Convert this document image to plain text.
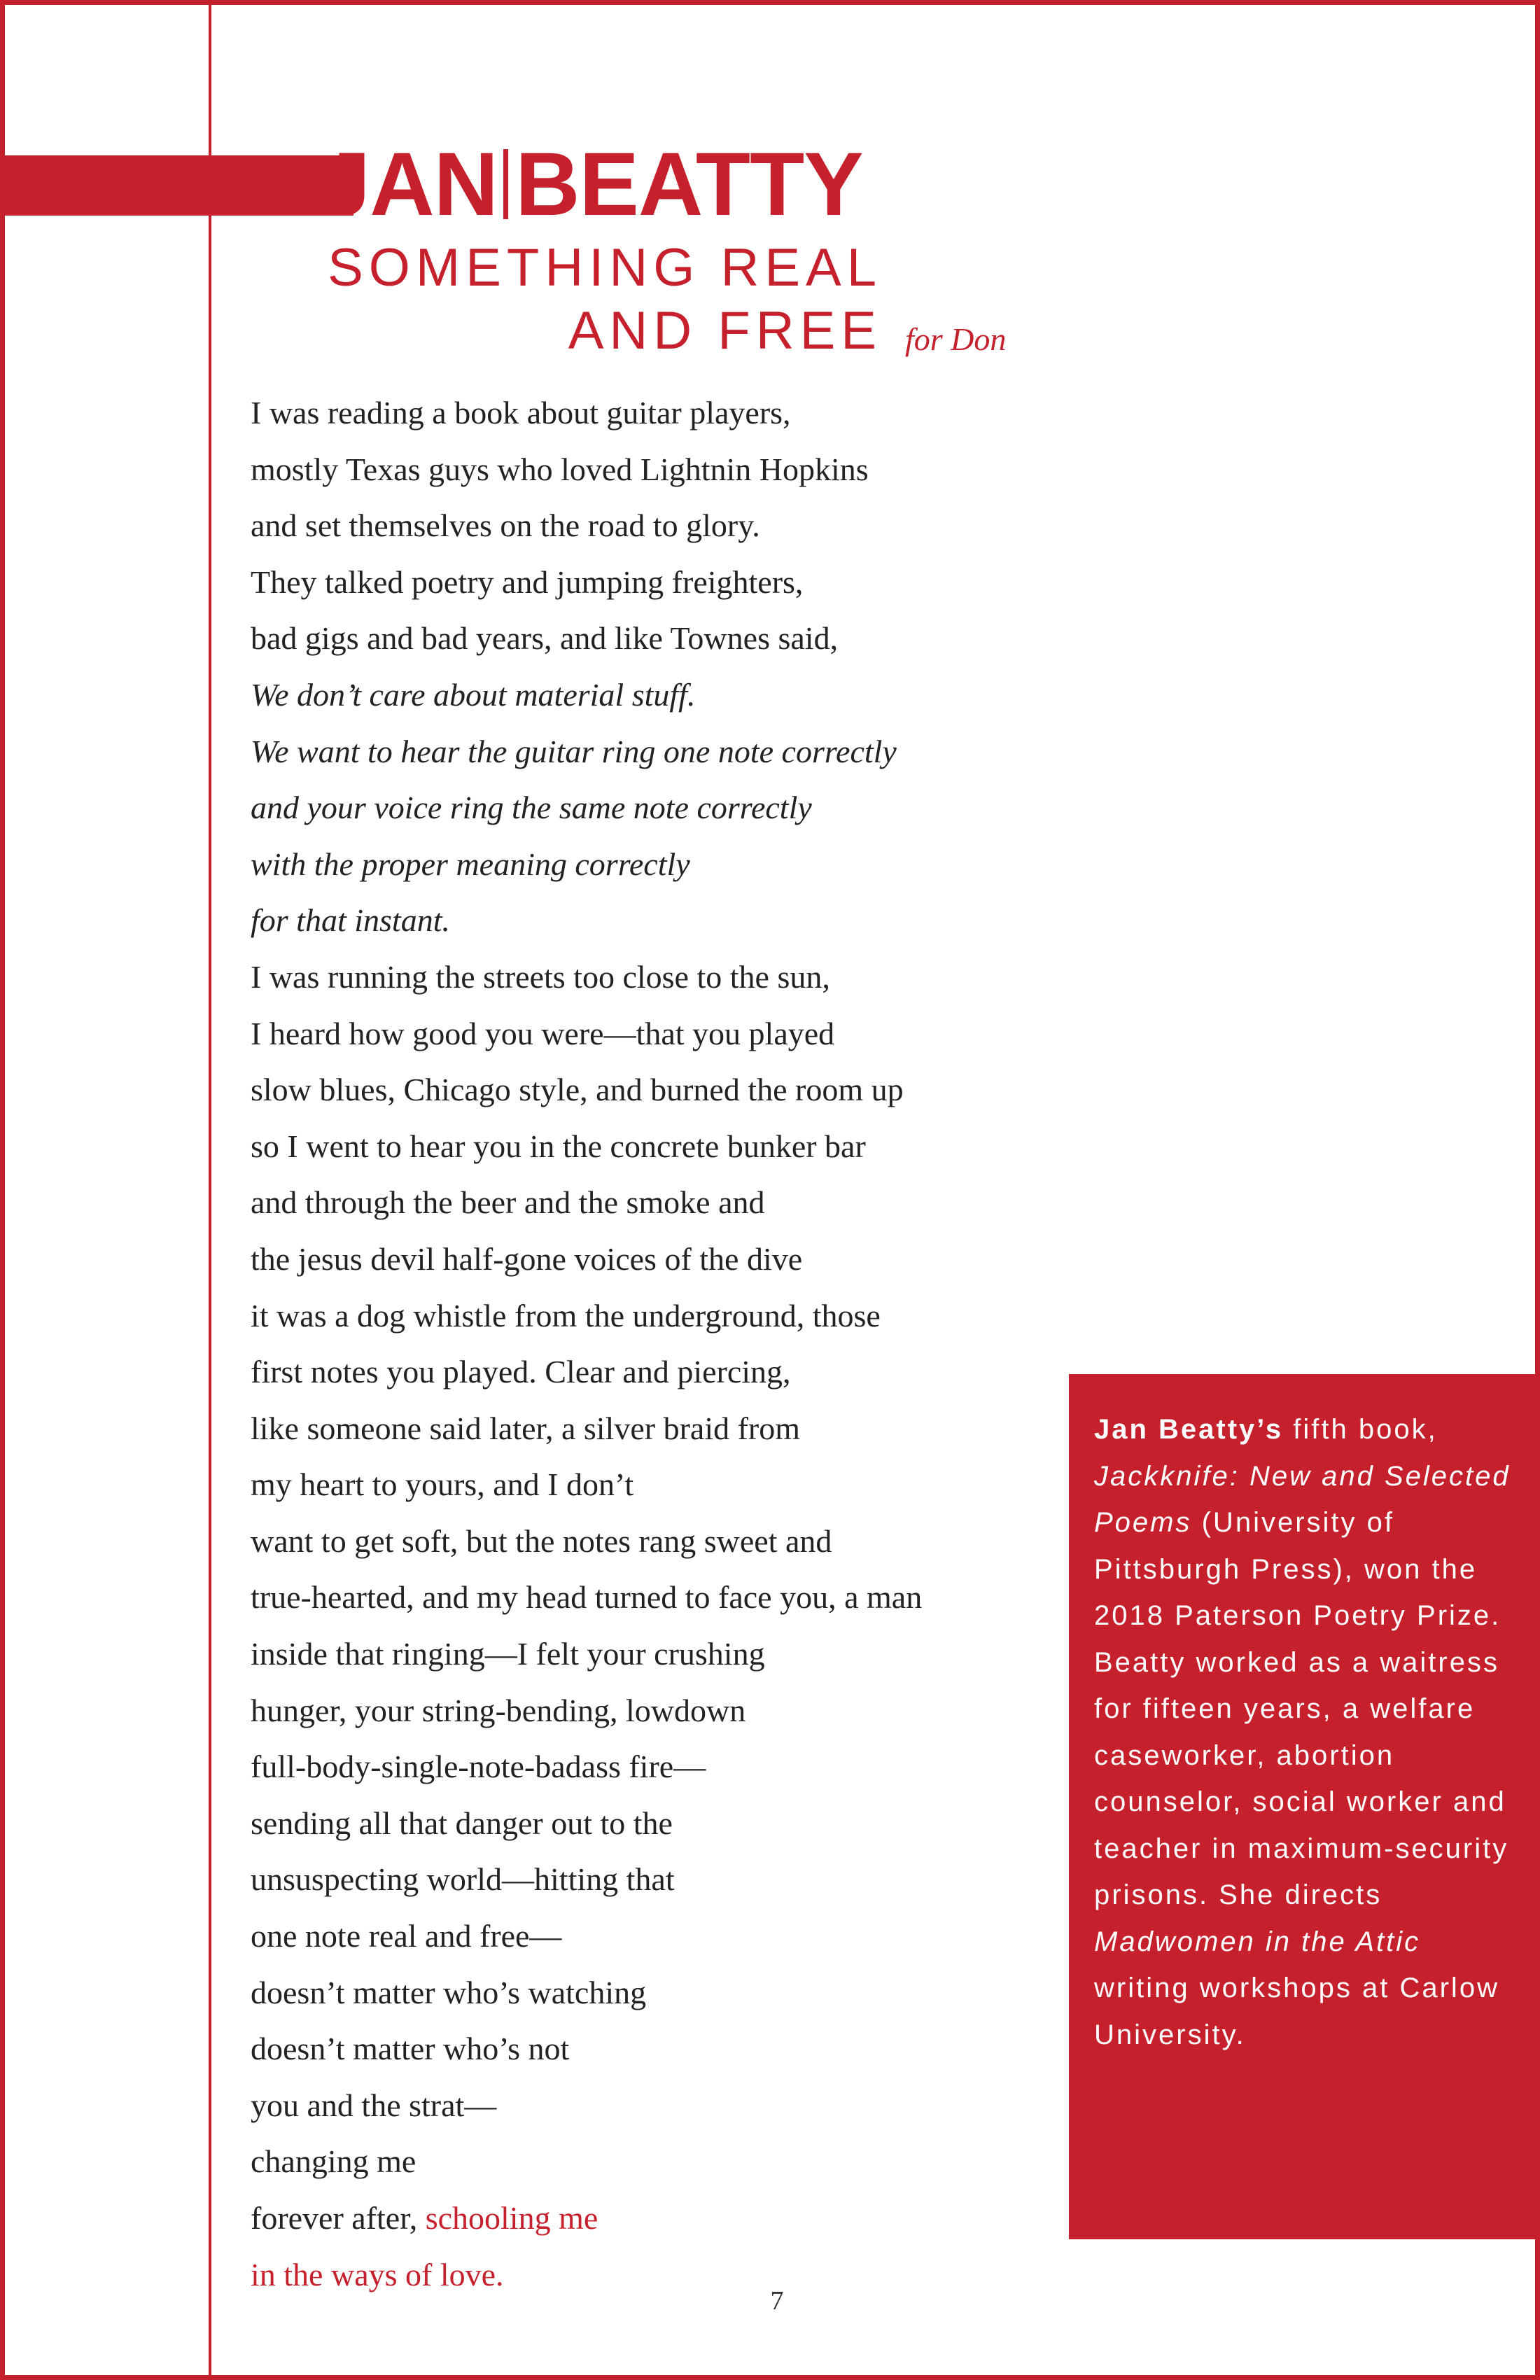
JAN BEATTY
SOMETHING REAL
AND FREE for Don
I was reading a book about guitar players,
mostly Texas guys who loved Lightnin Hopkins
and set themselves on the road to glory.
They talked poetry and jumping freighters,
bad gigs and bad years, and like Townes said,
We don’t care about material stuff.
We want to hear the guitar ring one note correctly
and your voice ring the same note correctly
with the proper meaning correctly
for that instant.
I was running the streets too close to the sun,
I heard how good you were—that you played
slow blues, Chicago style, and burned the room up
so I went to hear you in the concrete bunker bar
and through the beer and the smoke and
the jesus devil half-gone voices of the dive
it was a dog whistle from the underground, those
first notes you played. Clear and piercing,
like someone said later, a silver braid from
my heart to yours, and I don’t
want to get soft, but the notes rang sweet and
true-hearted, and my head turned to face you, a man
inside that ringing—I felt your crushing
hunger, your string-bending, lowdown
full-body-single-note-badass fire—
sending all that danger out to the
unsuspecting world—hitting that
one note real and free—
doesn’t matter who’s watching
doesn’t matter who’s not
you and the strat—
changing me
forever after, schooling me
in the ways of love.
7

Jan Beatty’s fifth book, Jackknife: New and Selected Poems (University of Pittsburgh Press), won the 2018 Paterson Poetry Prize. Beatty worked as a waitress for fifteen years, a welfare caseworker, abortion counselor, social worker and teacher in maximum-security prisons. She directs Madwomen in the Attic writing workshops at Carlow University.
